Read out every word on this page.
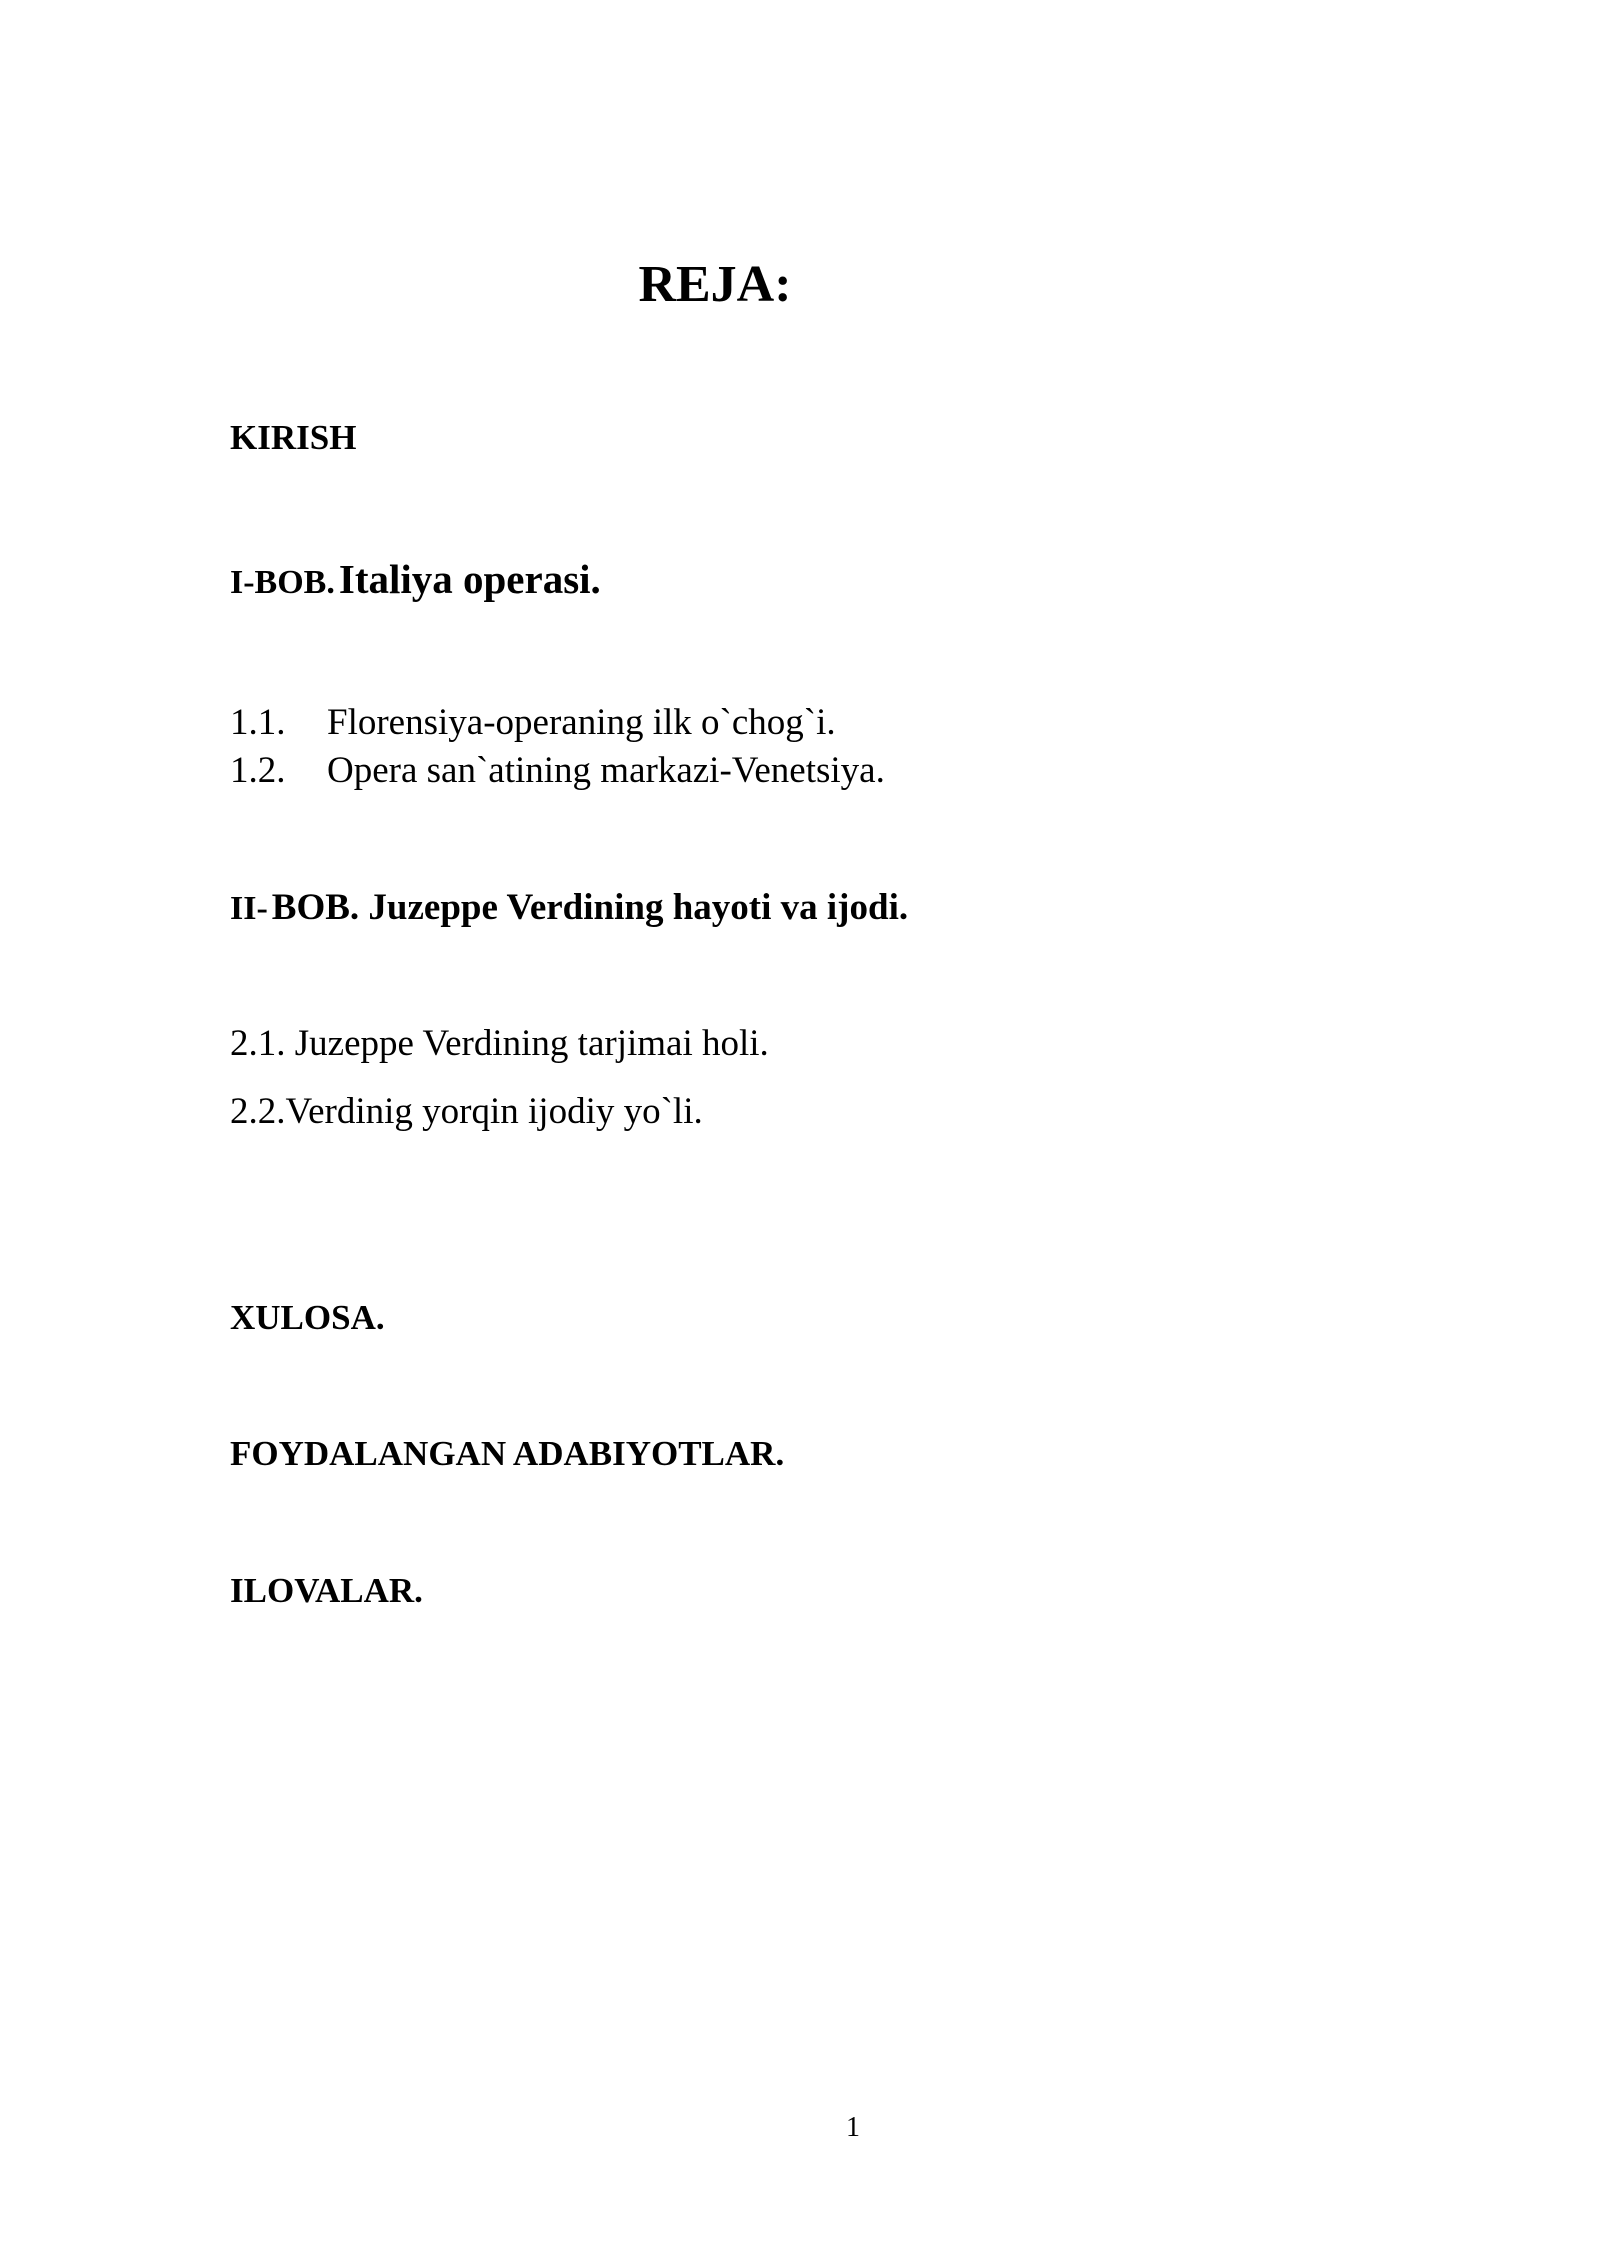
REJA:
KIRISH
I-BOB. Italiya operasi.
1.1. Florensiya-operaning ilk o`chog`i.
1.2. Opera san`atining markazi-Venetsiya.
II- BOB. Juzeppe Verdining hayoti va ijodi.
2.1. Juzeppe Verdining tarjimai holi.
2.2.Verdinig yorqin ijodiy yo`li.
XULOSA.
FOYDALANGAN ADABIYOTLAR.
ILOVALAR.
1
